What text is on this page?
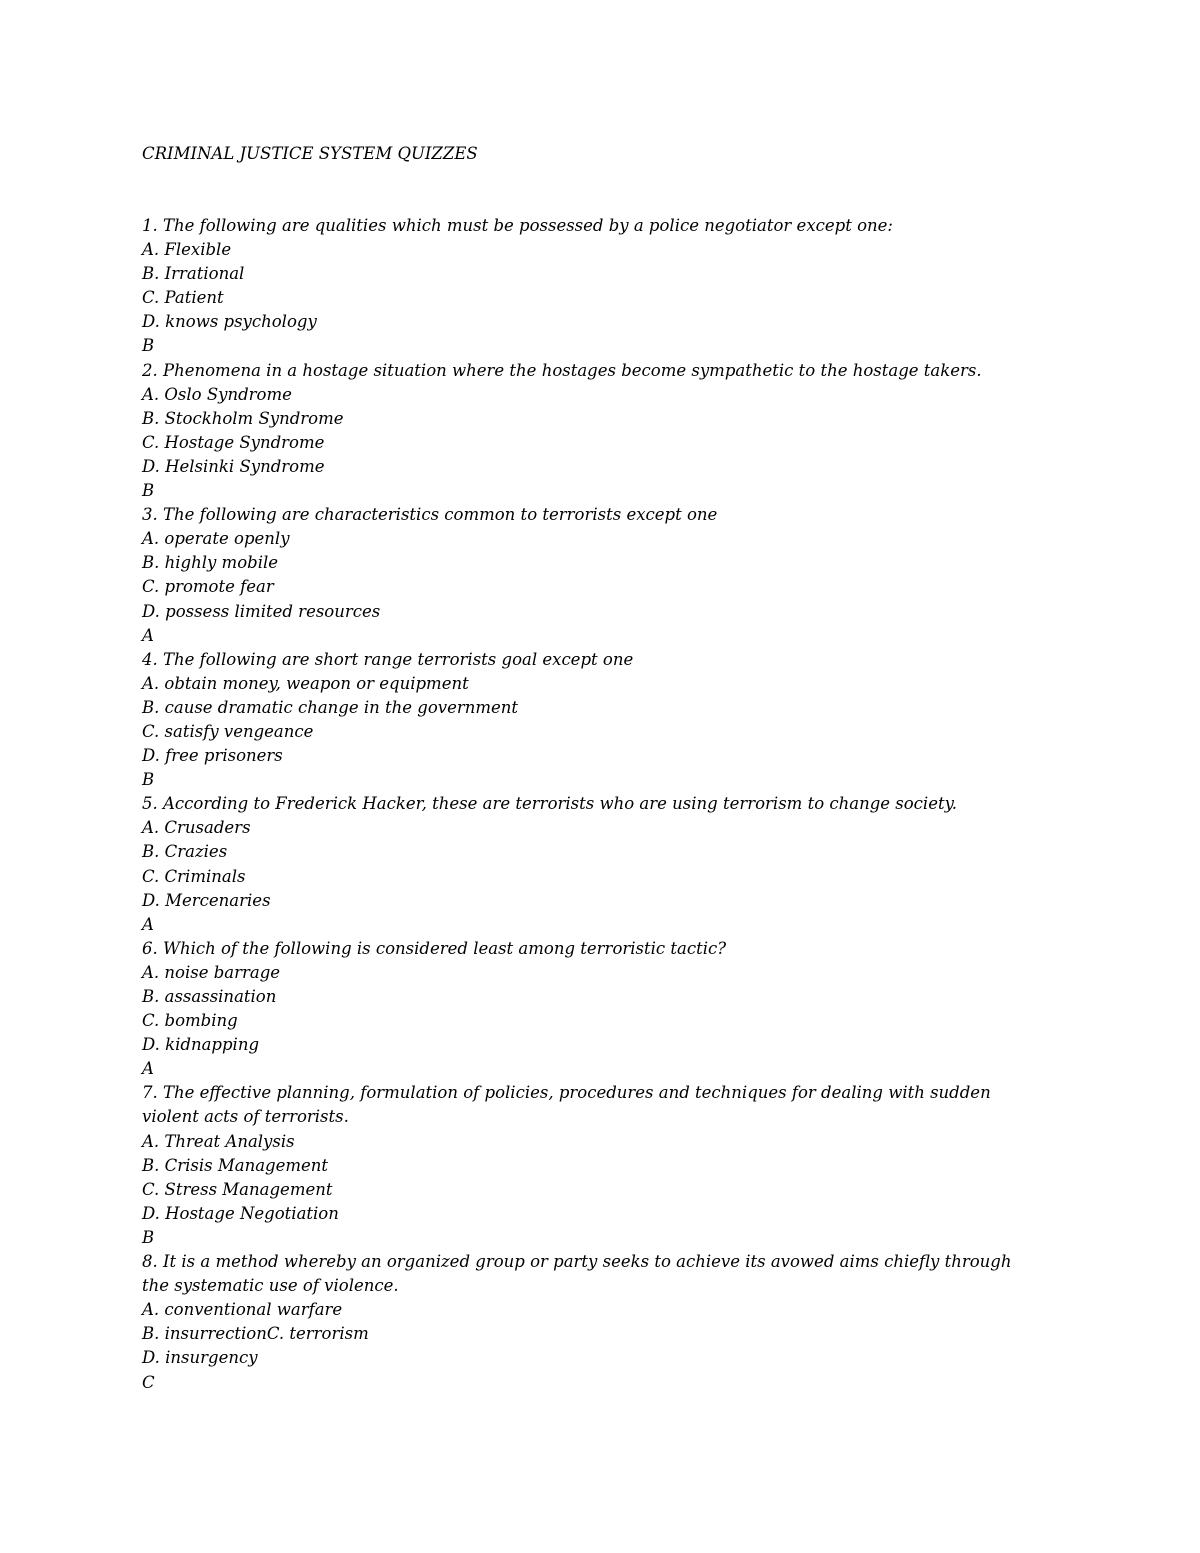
CRIMINAL JUSTICE SYSTEM QUIZZES
1. The following are qualities which must be possessed by a police negotiator except one:
A. Flexible
B. Irrational
C. Patient
D. knows psychology
B
2. Phenomena in a hostage situation where the hostages become sympathetic to the hostage takers.
A. Oslo Syndrome
B. Stockholm Syndrome
C. Hostage Syndrome
D. Helsinki Syndrome
B
3. The following are characteristics common to terrorists except one
A. operate openly
B. highly mobile
C. promote fear
D. possess limited resources
A
4. The following are short range terrorists goal except one
A. obtain money, weapon or equipment
B. cause dramatic change in the government
C. satisfy vengeance
D. free prisoners
B
5. According to Frederick Hacker, these are terrorists who are using terrorism to change society.
A. Crusaders
B. Crazies
C. Criminals
D. Mercenaries
A
6. Which of the following is considered least among terroristic tactic?
A. noise barrage
B. assassination
C. bombing
D. kidnapping
A
7. The effective planning, formulation of policies, procedures and techniques for dealing with sudden
violent acts of terrorists.
A. Threat Analysis
B. Crisis Management
C. Stress Management
D. Hostage Negotiation
B
8. It is a method whereby an organized group or party seeks to achieve its avowed aims chiefly through
the systematic use of violence.
A. conventional warfare
B. insurrectionC. terrorism
D. insurgency
C
